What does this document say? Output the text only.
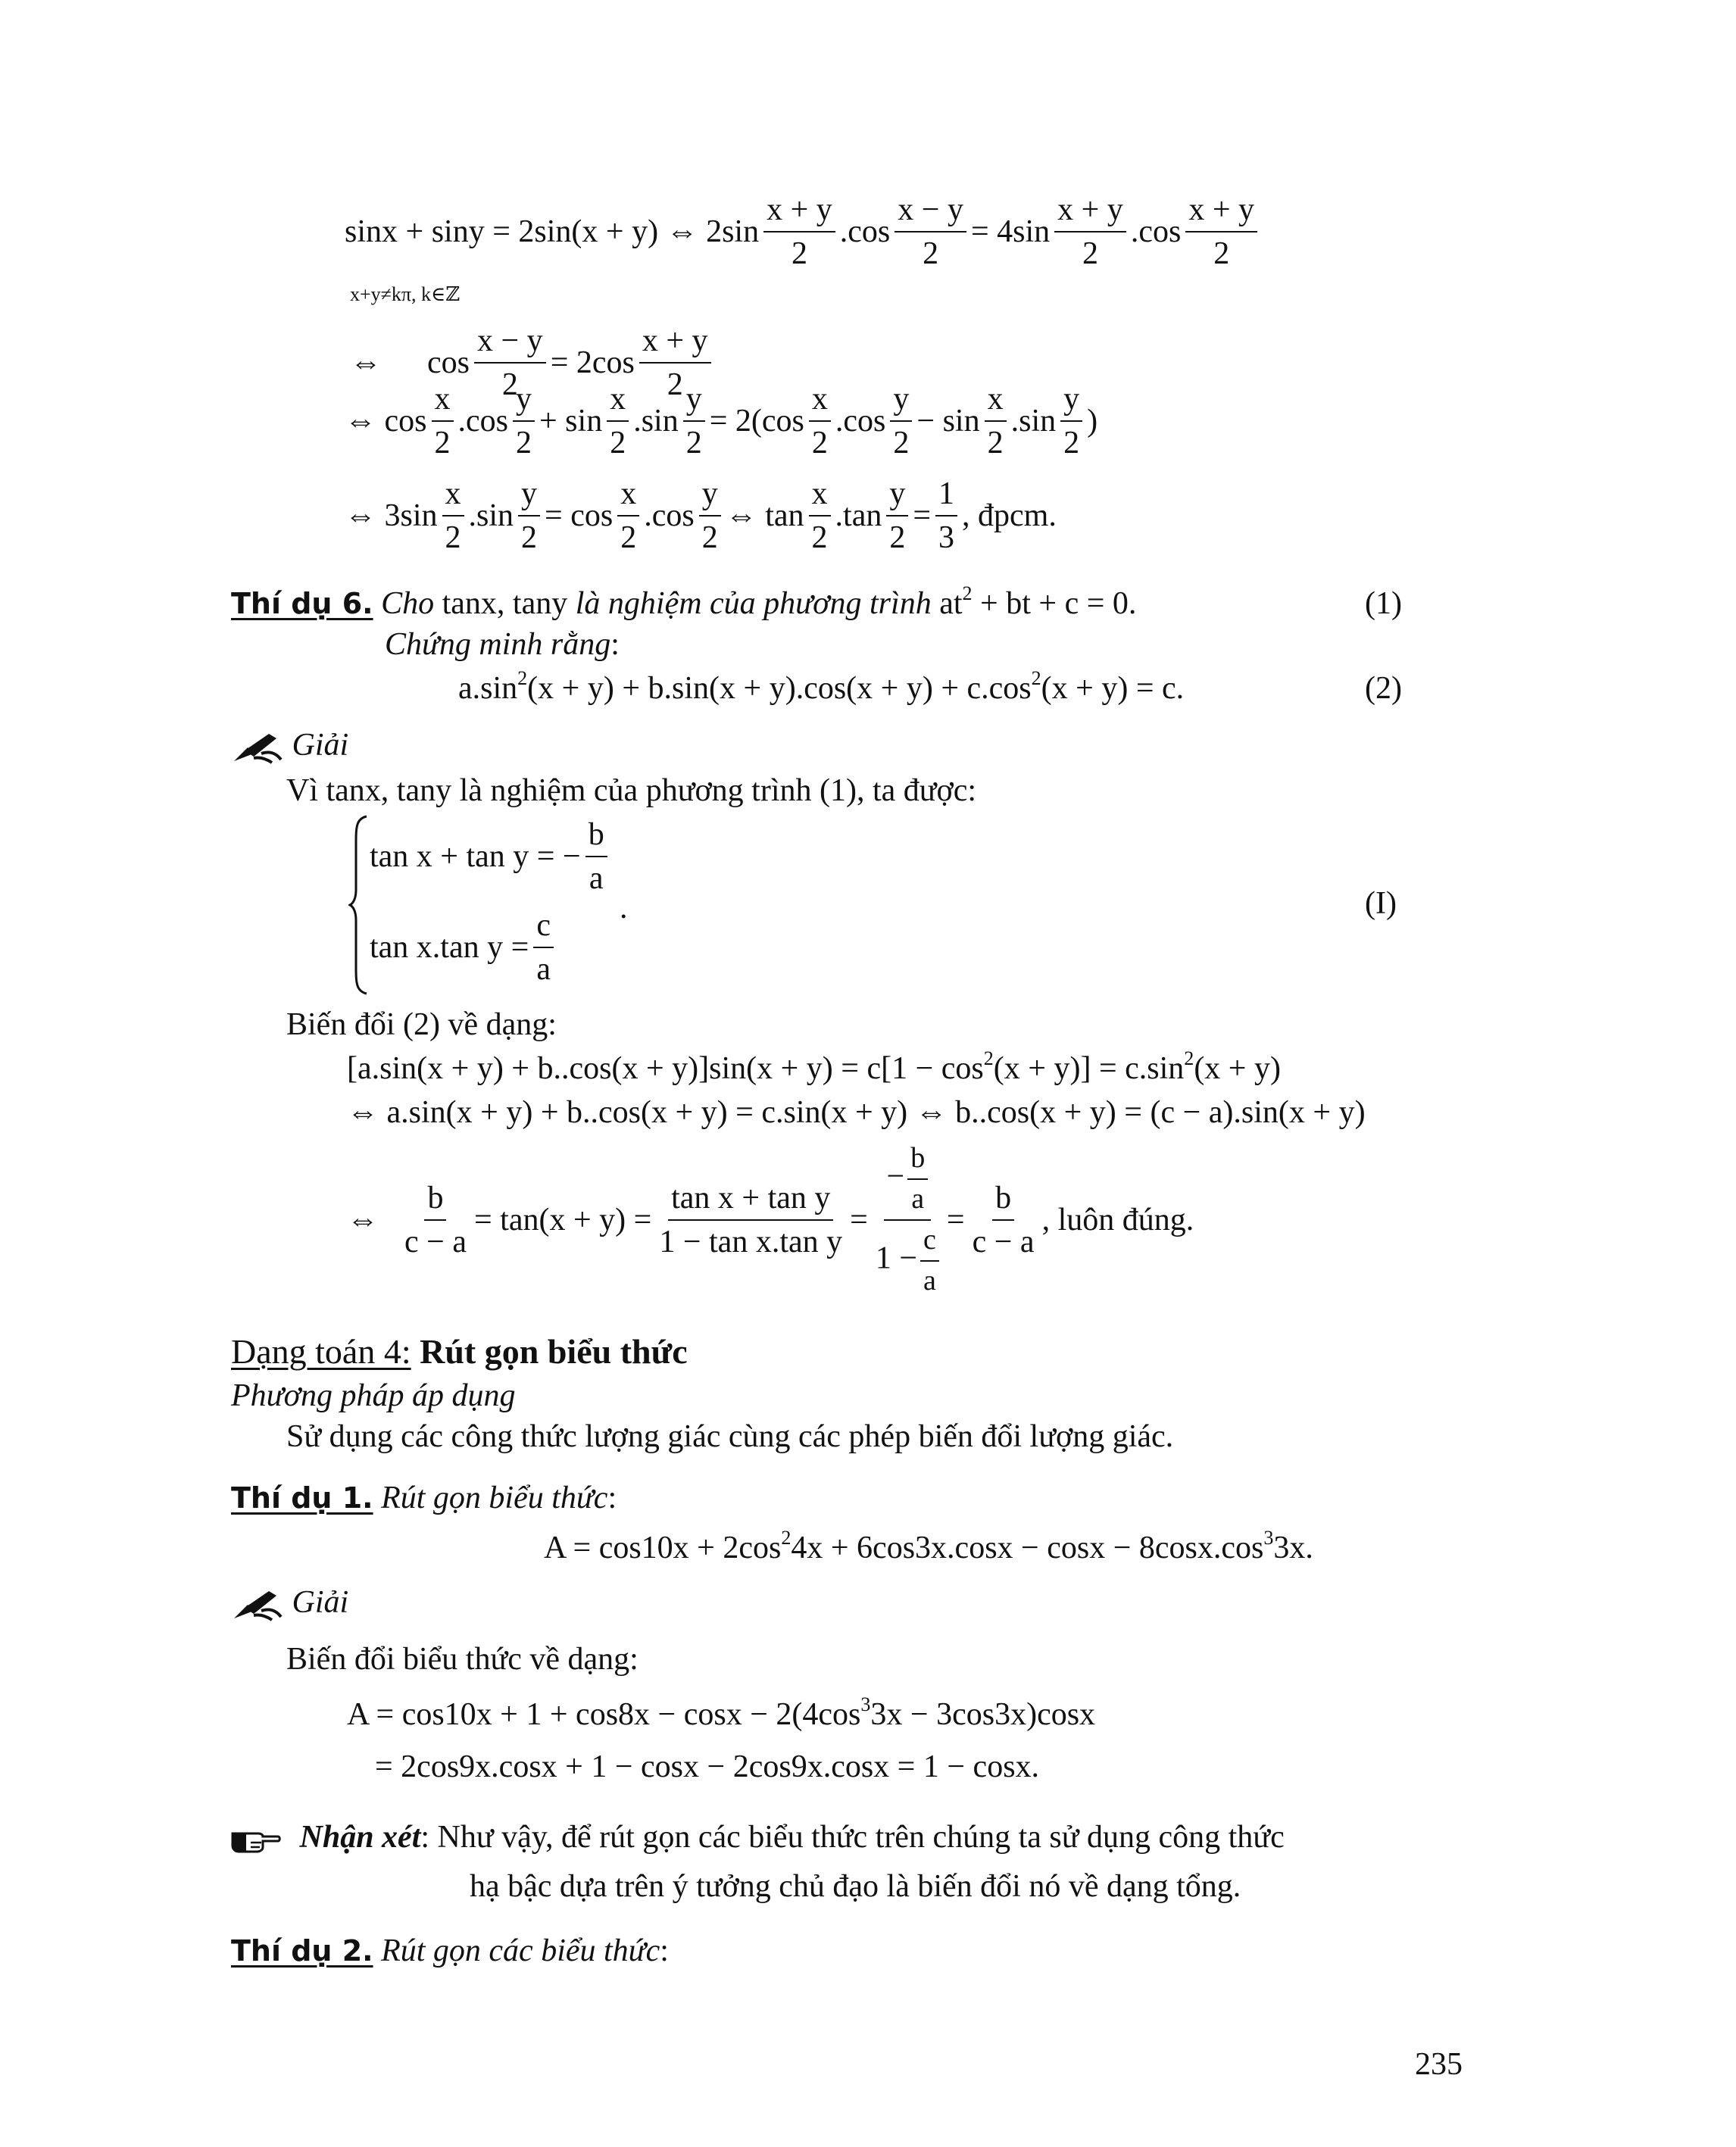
sinx + siny = 2sin(x + y) ⇔ $2\sin \frac{x + y}{2} .\cos \frac{x - y}{2} = 4\sin \frac{x + y}{2} .\cos \frac{x + y}{2}$
x+y≠kπ, k∈ℤ
⇔ $\cos \frac{x - y}{2} = 2\cos \frac{x + y}{2}$
⇔ $\cos \frac{x}{2} .\cos \frac{y}{2} + \sin \frac{x}{2} .\sin \frac{y}{2} = 2(\cos \frac{x}{2} .\cos \frac{y}{2} - \sin \frac{x}{2} .\sin \frac{y}{2}$ )
⇔ $3\sin \frac{x}{2} .\sin \frac{y}{2} = \cos \frac{x}{2} .\cos \frac{y}{2}$ ⇔ $\tan \frac{x}{2} .\tan \frac{y}{2} = \frac{1}{3}$ , đpcm.
Thí dụ 6. Cho tanx, tany là nghiệm của phương trình $at^2$ + bt + c = 0.	(1)
Chứng minh rằng:
$a.\sin^2(x + y) + b.\sin(x + y).\cos(x + y) + c.\cos^2(x + y) = c$.	(2)
Giải
Vì tanx, tany là nghiệm của phương trình (1), ta được:
tan x + tan y = − $\frac{b}{a}$
.
tan x.tan $y = \frac{c}{a}$
(I)
Biến đổi (2) về dạng:
$[a.\sin(x + y) + b..\cos(x + y)]\sin(x + y) = c[1 - \cos^2(x + y)] = c.\sin^2(x + y)$
⇔ a.sin(x + y) + b..cos(x + y) = c.sin(x + y) ⇔ b..cos(x + y) = (c − a).sin(x + y)
⇔ $\frac{b}{c - a} = \tan(x + y) = \frac{\text{tan x + tan y}}{\text{1 − tan x.tan y}} = \frac{- \frac{b}{a}}{1 - \frac{c}{a}} = \frac{b}{c - a}$ , luôn đúng.
Dạng toán 4: Rút gọn biểu thức
Phương pháp áp dụng
Sử dụng các công thức lượng giác cùng các phép biến đổi lượng giác.
Thí dụ 1. Rút gọn biểu thức:
$A = \cos 10x + 2\cos^24x + 6\cos 3x.\cos x - \cos x - 8\cos x.\cos^33x$.
Giải
Biến đổi biểu thức về dạng:
$A = \cos 10x + 1 + \cos 8x - \cos x - 2(4\cos^33x - 3\cos 3x)\cos x$
= 2cos9x.cosx + 1 − cosx − 2cos9x.cosx = 1 − cosx.
Nhận xét: Như vậy, để rút gọn các biểu thức trên chúng ta sử dụng công thức
hạ bậc dựa trên ý tưởng chủ đạo là biến đổi nó về dạng tổng.
Thí dụ 2. Rút gọn các biểu thức:
235
